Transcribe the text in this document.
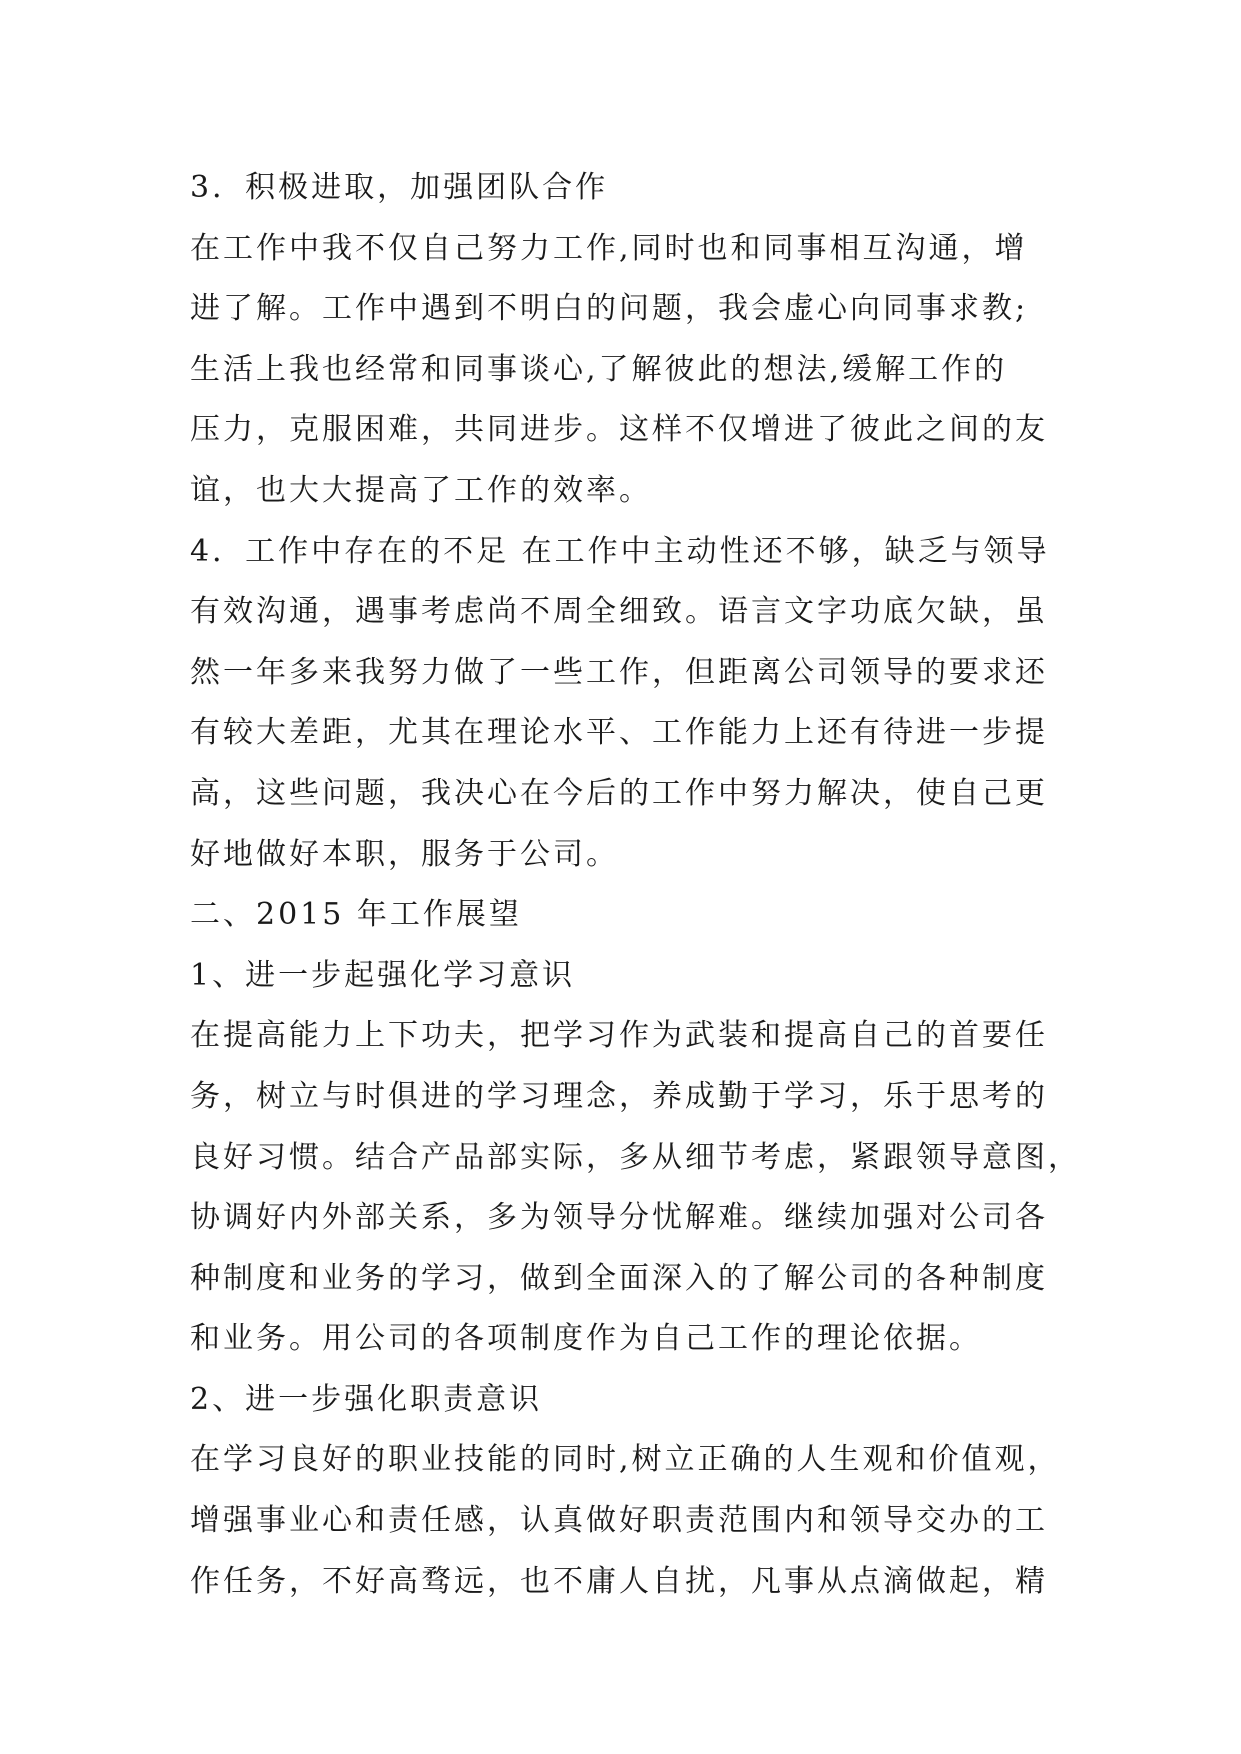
3．积极进取，加强团队合作
在工作中我不仅自己努力工作,同时也和同事相互沟通，增
进了解。工作中遇到不明白的问题，我会虚心向同事求教;
生活上我也经常和同事谈心,了解彼此的想法,缓解工作的
压力，克服困难，共同进步。这样不仅增进了彼此之间的友
谊，也大大提高了工作的效率。
4．工作中存在的不足 在工作中主动性还不够，缺乏与领导
有效沟通，遇事考虑尚不周全细致。语言文字功底欠缺，虽
然一年多来我努力做了一些工作，但距离公司领导的要求还
有较大差距，尤其在理论水平、工作能力上还有待进一步提
高，这些问题，我决心在今后的工作中努力解决，使自己更
好地做好本职，服务于公司。
二、2015 年工作展望
1、进一步起强化学习意识
在提高能力上下功夫，把学习作为武装和提高自己的首要任
务，树立与时俱进的学习理念，养成勤于学习，乐于思考的
良好习惯。结合产品部实际，多从细节考虑，紧跟领导意图，
协调好内外部关系，多为领导分忧解难。继续加强对公司各
种制度和业务的学习，做到全面深入的了解公司的各种制度
和业务。用公司的各项制度作为自己工作的理论依据。
2、进一步强化职责意识
在学习良好的职业技能的同时,树立正确的人生观和价值观，
增强事业心和责任感，认真做好职责范围内和领导交办的工
作任务，不好高骛远，也不庸人自扰，凡事从点滴做起，精
